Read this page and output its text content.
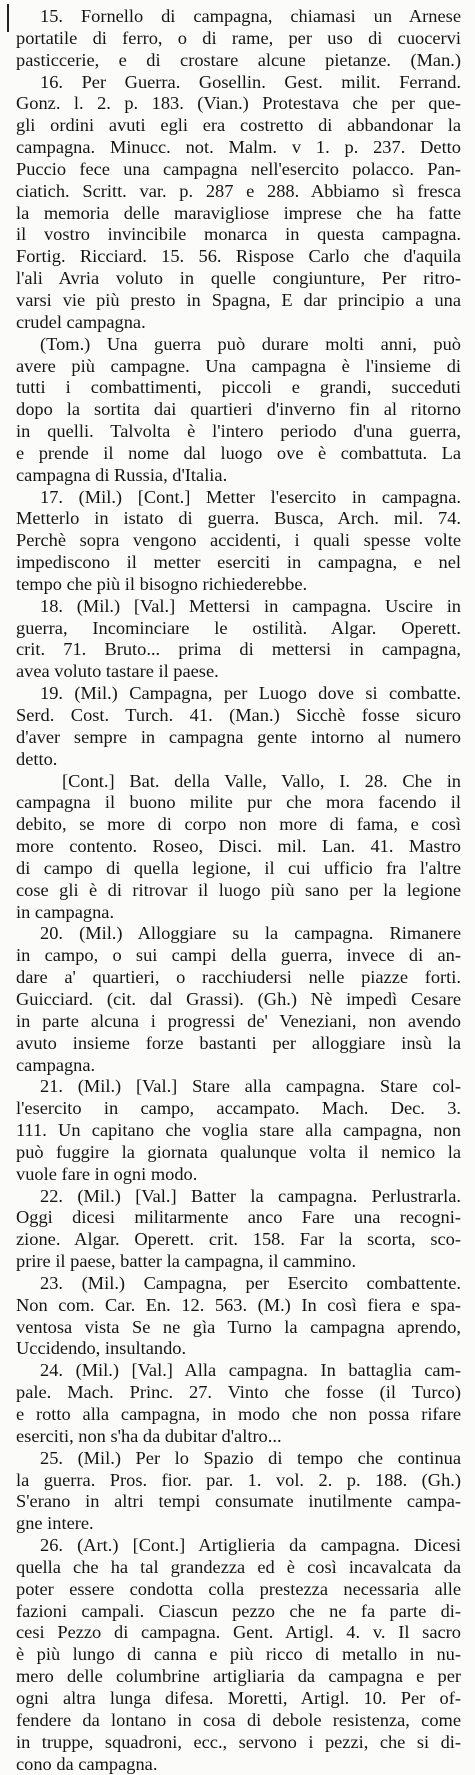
15. Fornello di campagna, chiamasi un Arnese
portatile di ferro, o di rame, per uso di cuocervi
pasticcerie, e di crostare alcune pietanze. (Man.)
16. Per Guerra. Gosellin. Gest. milit. Ferrand.
Gonz. l. 2. p. 183. (Vian.) Protestava che per que-
gli ordini avuti egli era costretto di abbandonar la
campagna. Minucc. not. Malm. v 1. p. 237. Detto
Puccio fece una campagna nell'esercito polacco. Pan-
ciatich. Scritt. var. p. 287 e 288. Abbiamo sì fresca
la memoria delle maravigliose imprese che ha fatte
il vostro invincibile monarca in questa campagna.
Fortig. Ricciard. 15. 56. Rispose Carlo che d'aquila
l'ali Avria voluto in quelle congiunture, Per ritro-
varsi vie più presto in Spagna, E dar principio a una
crudel campagna.
(Tom.) Una guerra può durare molti anni, può
avere più campagne. Una campagna è l'insieme di
tutti i combattimenti, piccoli e grandi, succeduti
dopo la sortita dai quartieri d'inverno fin al ritorno
in quelli. Talvolta è l'intero periodo d'una guerra,
e prende il nome dal luogo ove è combattuta. La
campagna di Russia, d'Italia.
17. (Mil.) [Cont.] Metter l'esercito in campagna.
Metterlo in istato di guerra. Busca, Arch. mil. 74.
Perchè sopra vengono accidenti, i quali spesse volte
impediscono il metter eserciti in campagna, e nel
tempo che più il bisogno richiederebbe.
18. (Mil.) [Val.] Mettersi in campagna. Uscire in
guerra, Incominciare le ostilità. Algar. Operett.
crit. 71. Bruto... prima di mettersi in campagna,
avea voluto tastare il paese.
19. (Mil.) Campagna, per Luogo dove si combatte.
Serd. Cost. Turch. 41. (Man.) Sicchè fosse sicuro
d'aver sempre in campagna gente intorno al numero
detto.
[Cont.] Bat. della Valle, Vallo, I. 28. Che in
campagna il buono milite pur che mora facendo il
debito, se more di corpo non more di fama, e così
more contento. Roseo, Disci. mil. Lan. 41. Mastro
di campo di quella legione, il cui ufficio fra l'altre
cose gli è di ritrovar il luogo più sano per la legione
in campagna.
20. (Mil.) Alloggiare su la campagna. Rimanere
in campo, o sui campi della guerra, invece di an-
dare a' quartieri, o racchiudersi nelle piazze forti.
Guicciard. (cit. dal Grassi). (Gh.) Nè impedì Cesare
in parte alcuna i progressi de' Veneziani, non avendo
avuto insieme forze bastanti per alloggiare insù la
campagna.
21. (Mil.) [Val.] Stare alla campagna. Stare col-
l'esercito in campo, accampato. Mach. Dec. 3.
111. Un capitano che voglia stare alla campagna, non
può fuggire la giornata qualunque volta il nemico la
vuole fare in ogni modo.
22. (Mil.) [Val.] Batter la campagna. Perlustrarla.
Oggi dicesi militarmente anco Fare una recogni-
zione. Algar. Operett. crit. 158. Far la scorta, sco-
prire il paese, batter la campagna, il cammino.
23. (Mil.) Campagna, per Esercito combattente.
Non com. Car. En. 12. 563. (M.) In così fiera e spa-
ventosa vista Se ne gìa Turno la campagna aprendo,
Uccidendo, insultando.
24. (Mil.) [Val.] Alla campagna. In battaglia cam-
pale. Mach. Princ. 27. Vinto che fosse (il Turco)
e rotto alla campagna, in modo che non possa rifare
eserciti, non s'ha da dubitar d'altro...
25. (Mil.) Per lo Spazio di tempo che continua
la guerra. Pros. fior. par. 1. vol. 2. p. 188. (Gh.)
S'erano in altri tempi consumate inutilmente campa-
gne intere.
26. (Art.) [Cont.] Artiglieria da campagna. Dicesi
quella che ha tal grandezza ed è così incavalcata da
poter essere condotta colla prestezza necessaria alle
fazioni campali. Ciascun pezzo che ne fa parte di-
cesi Pezzo di campagna. Gent. Artigl. 4. v. Il sacro
è più lungo di canna e più ricco di metallo in nu-
mero delle columbrine artigliaria da campagna e per
ogni altra lunga difesa. Moretti, Artigl. 10. Per of-
fendere da lontano in cosa di debole resistenza, come
in truppe, squadroni, ecc., servono i pezzi, che si di-
cono da campagna.
